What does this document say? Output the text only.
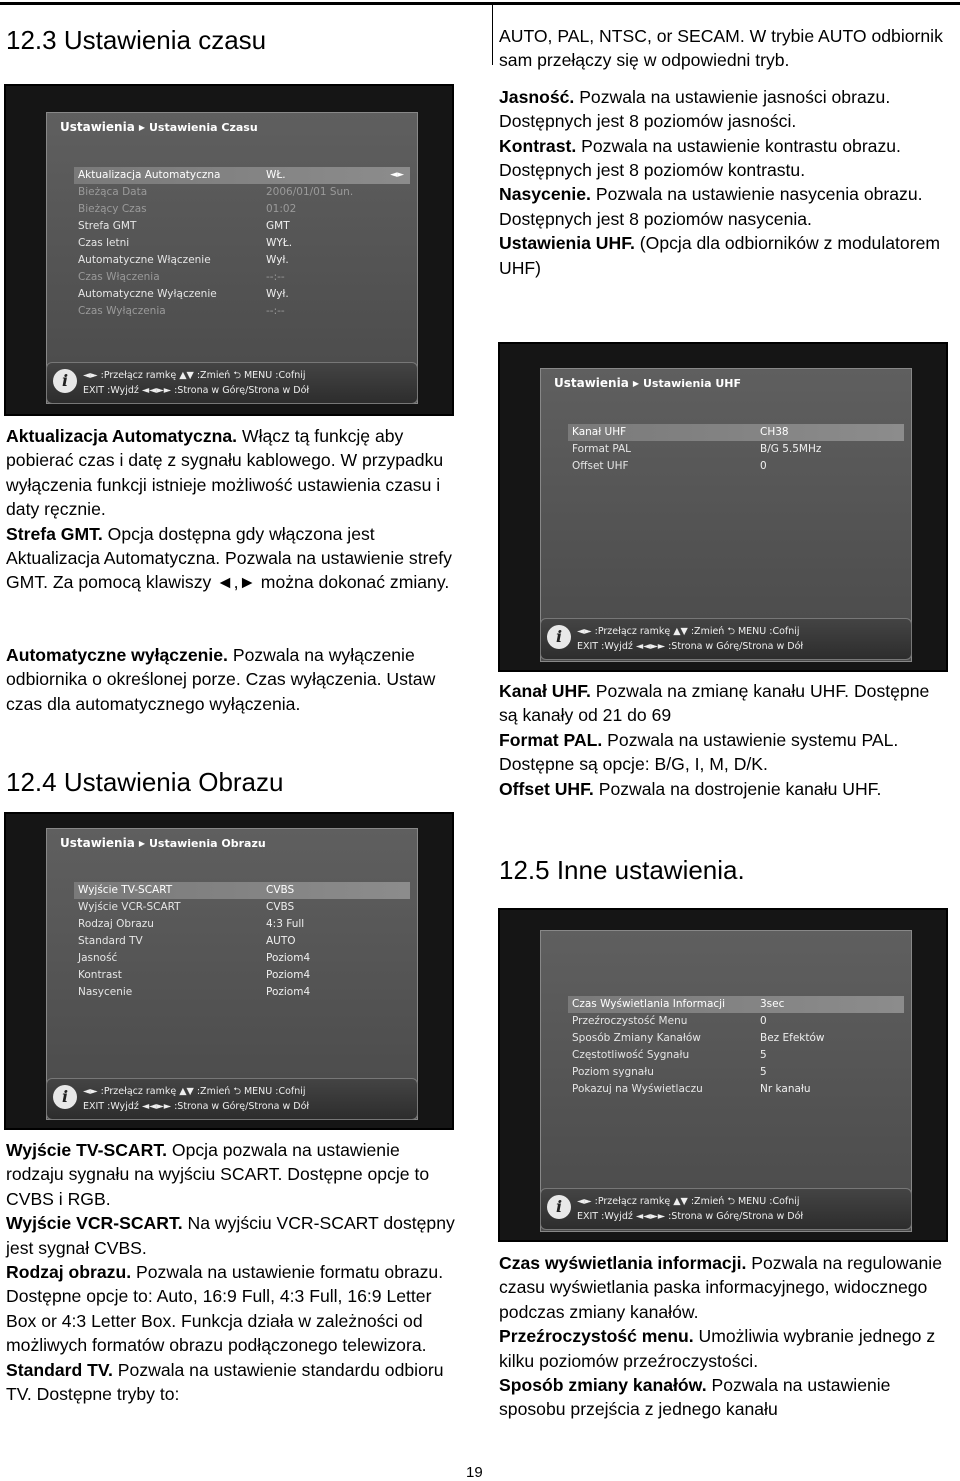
12.3 Ustawienia czasu
Ustawienia ▶ Ustawienia Czasu
Aktualizacja Automatyczna	WŁ.
Bieżąca Data	2006/01/01 Sun.
Bieżący Czas	01:02
Strefa GMT	GMT
Czas letni	WYŁ.
Automatyczne Włączenie	Wył.
Czas Włączenia	--:--
Automatyczne Wyłączenie	Wył.
Czas Wyłączenia	--:--
◄►
i	◄► :Przełącz ramkę ▲▼ :Zmień ⮌ MENU :Cofnij
EXIT :Wyjdź ◄◄►► :Strona w Górę/Strona w Dół

Aktualizacja Automatyczna. Włącz tą funkcję aby pobierać czas i datę z sygnału kablowego. W przypadku wyłączenia funkcji istnieje możliwość ustawienia czasu i daty ręcznie.

Strefa GMT. Opcja dostępna gdy włączona jest Aktualizacja Automatyczna. Pozwala na ustawienie strefy GMT. Za pomocą klawiszy ◄,► można dokonać zmiany.

Automatyczne wyłączenie. Pozwala na wyłączenie odbiornika o określonej porze. Czas wyłączenia. Ustaw czas dla automatycznego wyłączenia.

12.4 Ustawienia Obrazu
Ustawienia ▶ Ustawienia Obrazu
Wyjście TV-SCART	CVBS
Wyjście VCR-SCART	CVBS
Rodzaj Obrazu	4:3 Full
Standard TV	AUTO
Jasność	Poziom4
Kontrast	Poziom4
Nasycenie	Poziom4
i	◄► :Przełącz ramkę ▲▼ :Zmień ⮌ MENU :Cofnij
EXIT :Wyjdź ◄◄►► :Strona w Górę/Strona w Dół

Wyjście TV-SCART. Opcja pozwala na ustawienie rodzaju sygnału na wyjściu SCART. Dostępne opcje to CVBS i RGB.

Wyjście VCR-SCART. Na wyjściu VCR-SCART dostępny jest sygnał CVBS.

Rodzaj obrazu. Pozwala na ustawienie formatu obrazu. Dostępne opcje to: Auto, 16:9 Full, 4:3 Full, 16:9 Letter Box or 4:3 Letter Box. Funkcja działa w zależności od możliwych formatów obrazu podłączonego telewizora.

Standard TV. Pozwala na ustawienie standardu odbioru TV. Dostępne tryby to:

AUTO, PAL, NTSC, or SECAM. W trybie AUTO odbiornik sam przełączy się w odpowiedni tryb.

Jasność. Pozwala na ustawienie jasności obrazu. Dostępnych jest 8 poziomów jasności.

Kontrast. Pozwala na ustawienie kontrastu obrazu. Dostępnych jest 8 poziomów kontrastu.

Nasycenie. Pozwala na ustawienie nasycenia obrazu. Dostępnych jest 8 poziomów nasycenia.

Ustawienia UHF. (Opcja dla odbiorników z modulatorem UHF)

Ustawienia ▶ Ustawienia UHF
Kanał UHF	CH38
Format PAL	B/G 5.5MHz
Offset UHF	0
i	◄► :Przełącz ramkę ▲▼ :Zmień ⮌ MENU :Cofnij
EXIT :Wyjdź ◄◄►► :Strona w Górę/Strona w Dół

Kanał UHF. Pozwala na zmianę kanału UHF. Dostępne są kanały od 21 do 69

Format PAL. Pozwala na ustawienie systemu PAL. Dostępne są opcje: B/G, I, M, D/K.

Offset UHF. Pozwala na dostrojenie kanału UHF.

12.5 Inne ustawienia.
Czas Wyświetlania Informacji	3sec
Przeźroczystość Menu	0
Sposób Zmiany Kanałów	Bez Efektów
Częstotliwość Sygnału	5
Poziom sygnału	5
Pokazuj na Wyświetlaczu	Nr kanału
i	◄► :Przełącz ramkę ▲▼ :Zmień ⮌ MENU :Cofnij
EXIT :Wyjdź ◄◄►► :Strona w Górę/Strona w Dół

Czas wyświetlania informacji. Pozwala na regulowanie czasu wyświetlania paska informacyjnego, widocznego podczas zmiany kanałów.

Przeźroczystość menu. Umożliwia wybranie jednego z kilku poziomów przeźroczystości.

Sposób zmiany kanałów. Pozwala na ustawienie sposobu przejścia z jednego kanału

19
